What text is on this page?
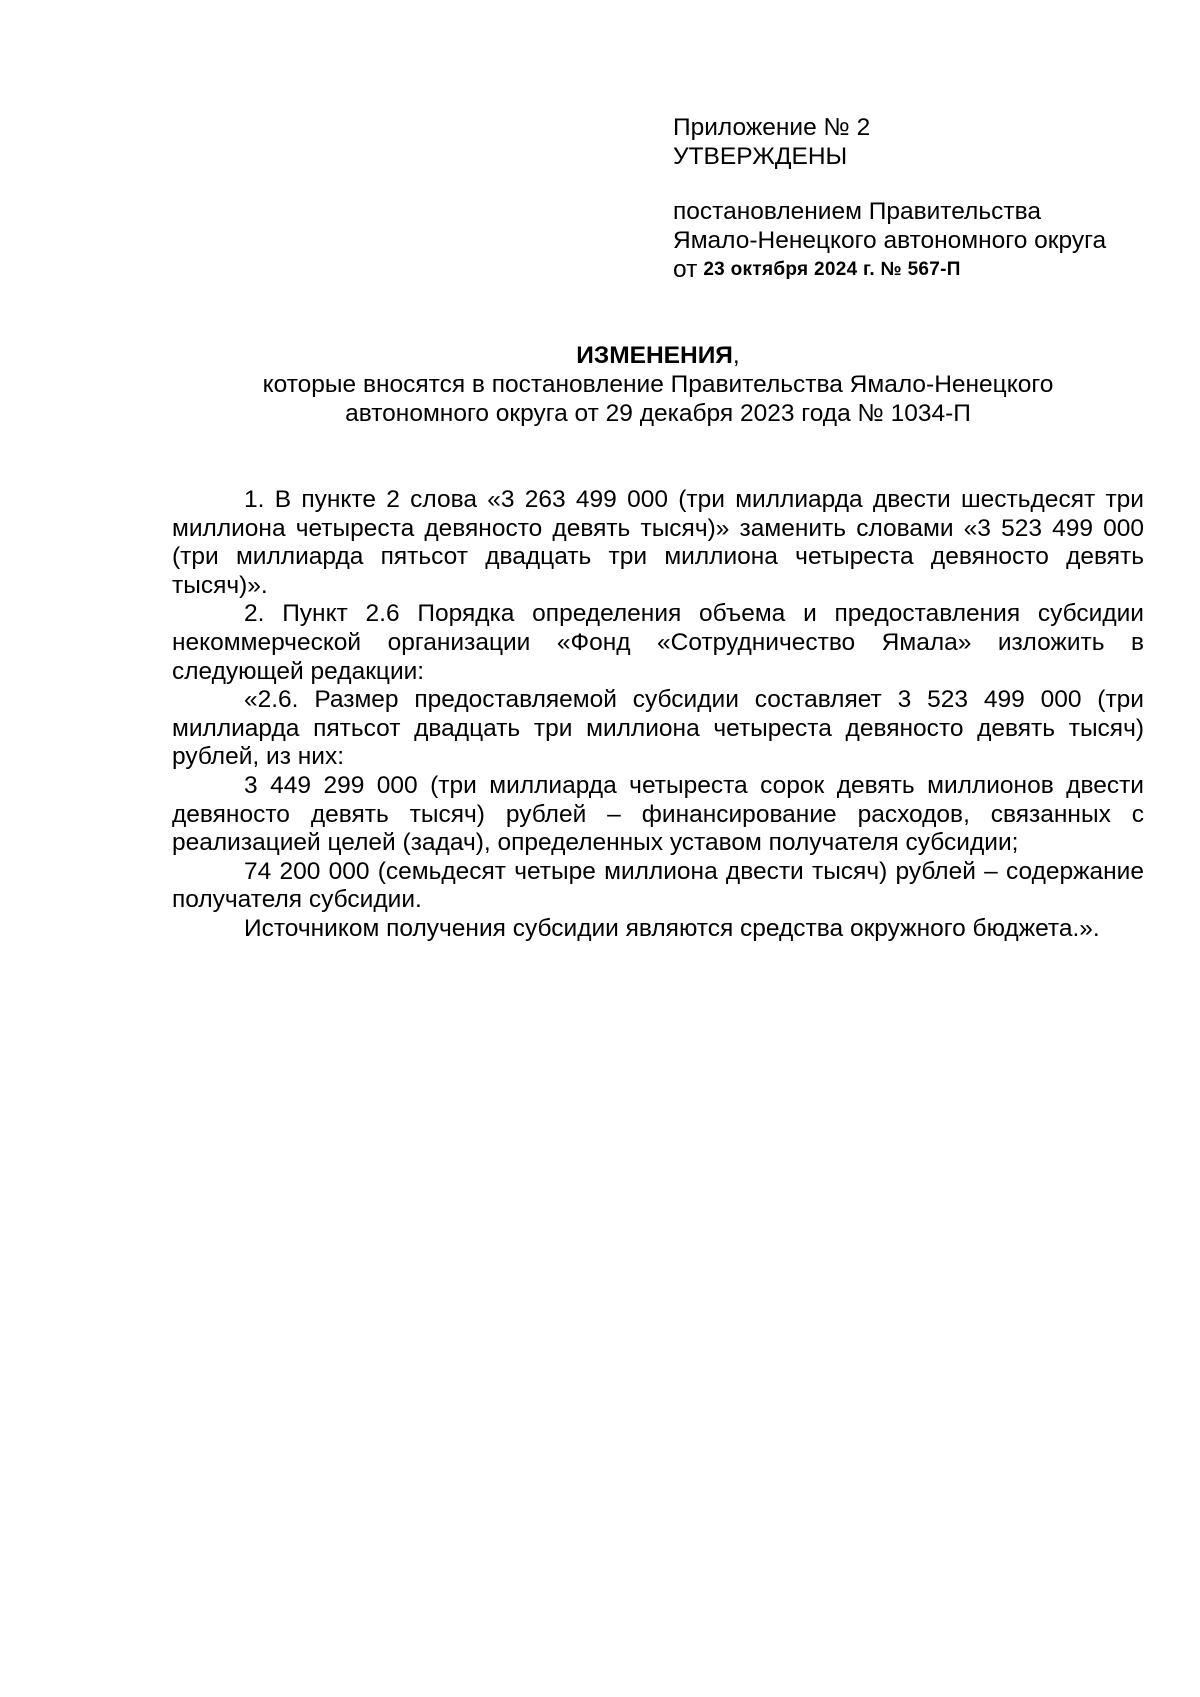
Приложение № 2
УТВЕРЖДЕНЫ
постановлением Правительства
Ямало-Ненецкого автономного округа
от 23 октября 2024 г. № 567-П
ИЗМЕНЕНИЯ,
которые вносятся в постановление Правительства Ямало-Ненецкого автономного округа от 29 декабря 2023 года № 1034-П

1. В пункте 2 слова «3 263 499 000 (три миллиарда двести шестьдесят три миллиона четыреста девяносто девять тысяч)» заменить словами «3 523 499 000 (три миллиарда пятьсот двадцать три миллиона четыреста девяносто девять тысяч)».

2. Пункт 2.6 Порядка определения объема и предоставления субсидии некоммерческой организации «Фонд «Сотрудничество Ямала» изложить в следующей редакции:

«2.6. Размер предоставляемой субсидии составляет 3 523 499 000 (три миллиарда пятьсот двадцать три миллиона четыреста девяносто девять тысяч) рублей, из них:

3 449 299 000 (три миллиарда четыреста сорок девять миллионов двести девяносто девять тысяч) рублей – финансирование расходов, связанных с реализацией целей (задач), определенных уставом получателя субсидии;

74 200 000 (семьдесят четыре миллиона двести тысяч) рублей – содержание получателя субсидии.

Источником получения субсидии являются средства окружного бюджета.».
